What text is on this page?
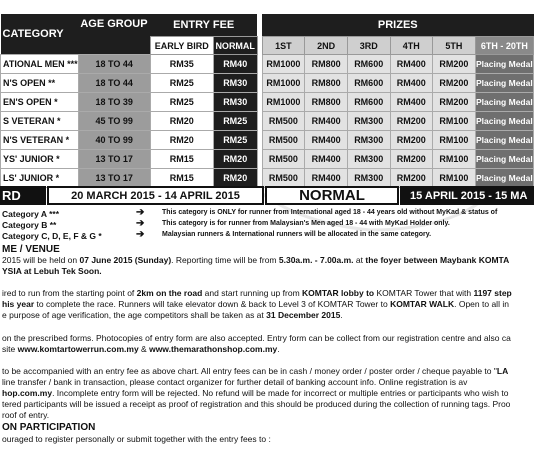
CATEGORY	AGE GROUP	ENTRY FEE			PRIZES					
		EARLY BIRD	NORMAL		1ST	2ND	3RD	4TH	5TH	6TH - 20TH
ATIONAL MEN ***	18 TO 44	RM35	RM40		RM1000	RM800	RM600	RM400	RM200	Placing Medal
N'S OPEN **	18 TO 44	RM25	RM30		RM1000	RM800	RM600	RM400	RM200	Placing Medal
EN'S OPEN *	18 TO 39	RM25	RM30		RM1000	RM800	RM600	RM400	RM200	Placing Medal
S VETERAN *	45 TO 99	RM20	RM25		RM500	RM400	RM300	RM200	RM100	Placing Medal
N'S VETERAN *	40 TO 99	RM20	RM25		RM500	RM400	RM300	RM200	RM100	Placing Medal
YS' JUNIOR *	13 TO 17	RM15	RM20		RM500	RM400	RM300	RM200	RM100	Placing Medal
LS' JUNIOR *	13 TO 17	RM15	RM20		RM500	RM400	RM300	RM200	RM100	Placing Medal
RD	20 MARCH 2015 - 14 APRIL 2015	NORMAL	15 APRIL 2015 - 15 MA
Category A ***	➔	This category is ONLY for runner from International aged 18 - 44 years old without MyKad & status of
Category B **	➔	This category is for runner from Malaysian's Men aged 18 - 44 with MyKad Holder only.
Category C, D, E, F & G *	➔	Malaysian runners & International runners will be allocated in the same category.
ME / VENUE
2015 will be held on 07 June 2015 (Sunday). Reporting time will be from 5.30a.m. - 7.00a.m. at the foyer between Maybank KOMTA
YSIA at Lebuh Tek Soon.
ired to run from the starting point of 2km on the road and start running up from KOMTAR lobby to KOMTAR Tower that with 1197 step
his year to complete the race. Runners will take elevator down & back to Level 3 of KOMTAR Tower to KOMTAR WALK. Open to all in
e purpose of age verification, the age competitors shall be taken as at 31 December 2015.
on the prescribed forms. Photocopies of entry form are also accepted. Entry form can be collect from our registration centre and also ca
site www.komtartowerrun.com.my & www.themarathonshop.com.my.
to be accompanied with an entry fee as above chart. All entry fees can be in cash / money order / poster order / cheque payable to "LA
line transfer / bank in transaction, please contact organizer for further detail of banking account info. Online registration is av
hop.com.my. Incomplete entry form will be rejected. No refund will be made for incorrect or multiple entries or participants who wish to
tered participants will be issued a receipt as proof of registration and this should be produced during the collection of running tags. Proo
roof of entry.
ON PARTICIPATION
ouraged to register personally or submit together with the entry fees to :
